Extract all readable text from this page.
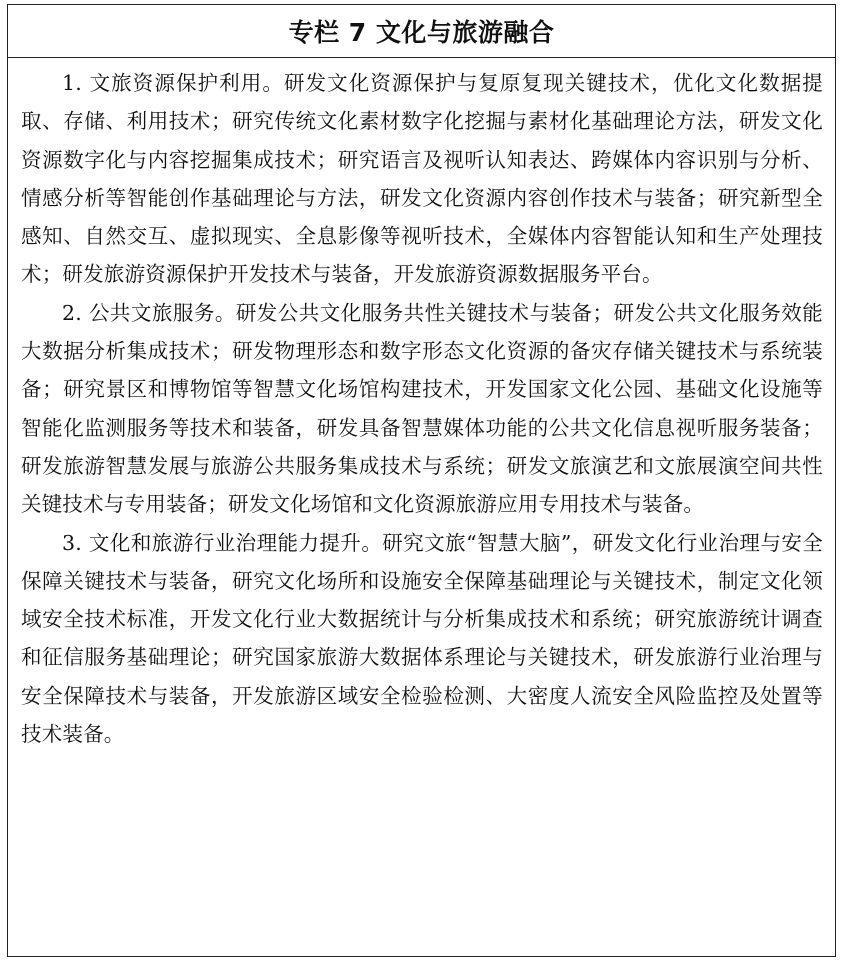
专栏 7 文化与旅游融合

1. 文旅资源保护利用。研发文化资源保护与复原复现关键技术，优化文化数据提取、存储、利用技术；研究传统文化素材数字化挖掘与素材化基础理论方法，研发文化资源数字化与内容挖掘集成技术；研究语言及视听认知表达、跨媒体内容识别与分析、情感分析等智能创作基础理论与方法，研发文化资源内容创作技术与装备；研究新型全感知、自然交互、虚拟现实、全息影像等视听技术，全媒体内容智能认知和生产处理技术；研发旅游资源保护开发技术与装备，开发旅游资源数据服务平台。

2. 公共文旅服务。研发公共文化服务共性关键技术与装备；研发公共文化服务效能大数据分析集成技术；研发物理形态和数字形态文化资源的备灾存储关键技术与系统装备；研究景区和博物馆等智慧文化场馆构建技术，开发国家文化公园、基础文化设施等智能化监测服务等技术和装备，研发具备智慧媒体功能的公共文化信息视听服务装备；研发旅游智慧发展与旅游公共服务集成技术与系统；研发文旅演艺和文旅展演空间共性关键技术与专用装备；研发文化场馆和文化资源旅游应用专用技术与装备。

3. 文化和旅游行业治理能力提升。研究文旅“智慧大脑”，研发文化行业治理与安全保障关键技术与装备，研究文化场所和设施安全保障基础理论与关键技术，制定文化领域安全技术标准，开发文化行业大数据统计与分析集成技术和系统；研究旅游统计调查和征信服务基础理论；研究国家旅游大数据体系理论与关键技术，研发旅游行业治理与安全保障技术与装备，开发旅游区域安全检验检测、大密度人流安全风险监控及处置等技术装备。
